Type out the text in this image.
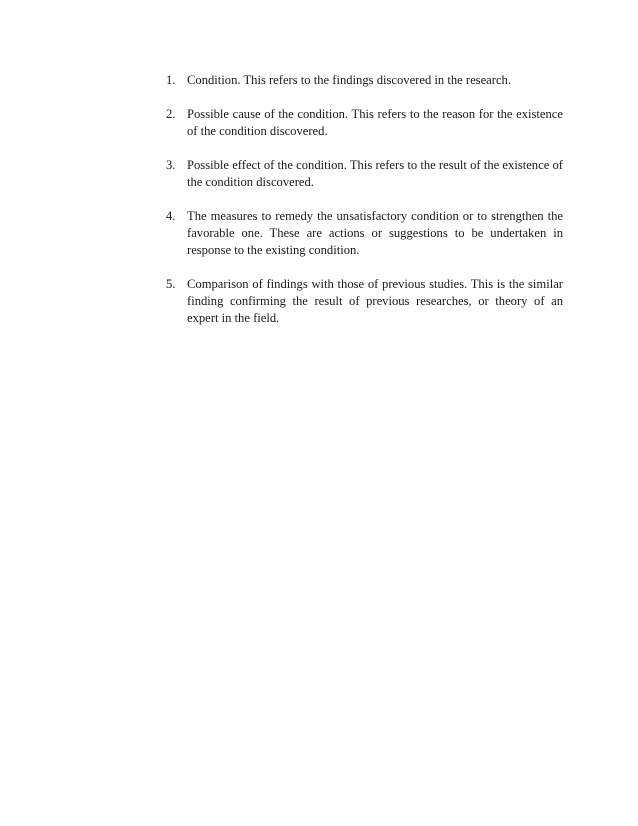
1. Condition. This refers to the findings discovered in the research.
2. Possible cause of the condition. This refers to the reason for the existence of the condition discovered.
3. Possible effect of the condition. This refers to the result of the existence of the condition discovered.
4. The measures to remedy the unsatisfactory condition or to strengthen the favorable one. These are actions or suggestions to be undertaken in response to the existing condition.
5. Comparison of findings with those of previous studies. This is the similar finding confirming the result of previous researches, or theory of an expert in the field.
